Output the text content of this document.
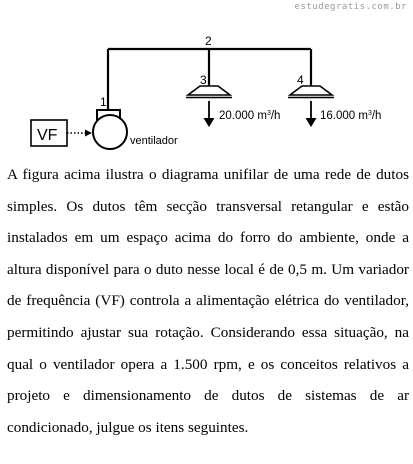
estudegratis.com.br
1
2
3	4
20.000 $m^3/h$	16.000 $m^3/h$
ventilador
VF
A figura acima ilustra o diagrama unifilar de uma rede de dutos
simples. Os dutos têm secção transversal retangular e estão
instalados em um espaço acima do forro do ambiente, onde a
altura disponível para o duto nesse local é de 0,5 m. Um variador
de frequência (VF) controla a alimentação elétrica do ventilador,
permitindo ajustar sua rotação. Considerando essa situação, na
qual o ventilador opera a 1.500 rpm, e os conceitos relativos a
projeto e dimensionamento de dutos de sistemas de ar
condicionado, julgue os itens seguintes.
